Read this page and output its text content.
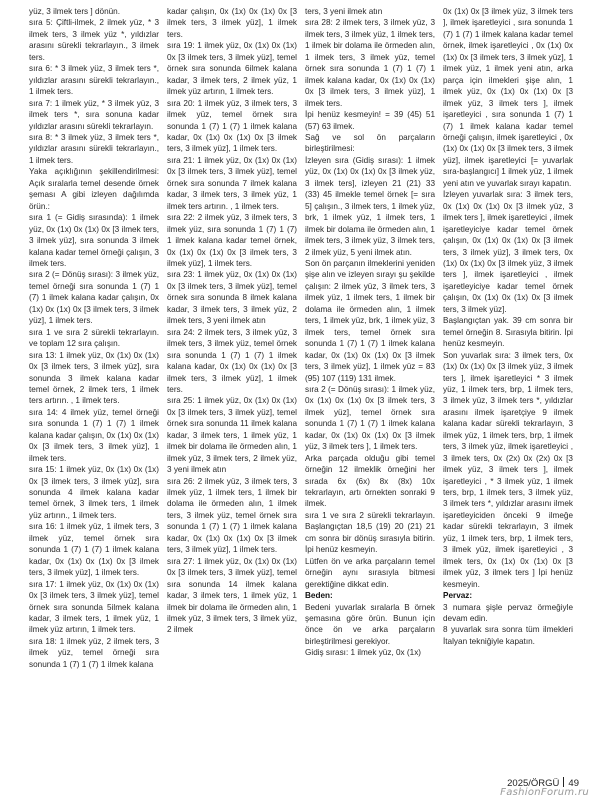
yüz, 3 ilmek ters ] dönün.

sıra 5: Çiftli-ilmek, 2 ilmek yüz, * 3 ilmek ters, 3 ilmek yüz *, yıldızlar arasını sürekli tekrarlayın., 3 ilmek ters.

sıra 6: * 3 ilmek yüz, 3 ilmek ters *, yıldızlar arasını sürekli tekrarlayın., 1 ilmek ters.

sıra 7: 1 ilmek yüz, * 3 ilmek yüz, 3 ilmek ters *, sıra sonuna kadar yıldızlar arasını sürekli tekrarlayın.

sıra 8: * 3 ilmek yüz, 3 ilmek ters *, yıldızlar arasını sürekli tekrarlayın., 1 ilmek ters.

Yaka açıklığının şekillendirilmesi: Açık sıralarla temel desende örnek şeması A gibi izleyen dağılımda örün.:

sıra 1 (= Gidiş sırasında): 1 ilmek yüz, 0x (1x) 0x (1x) 0x [3 ilmek ters, 3 ilmek yüz], sıra sonunda 3 ilmek kalana kadar temel örneği çalışın, 3 ilmek ters.

sıra 2 (= Dönüş sırası): 3 ilmek yüz, temel örneği sıra sonunda 1 (7) 1 (7) 1 ilmek kalana kadar çalışın, 0x (1x) 0x (1x) 0x [3 ilmek ters, 3 ilmek yüz], 1 ilmek ters.

sıra 1 ve sıra 2 sürekli tekrarlayın. ve toplam 12 sıra çalışın.

sıra 13: 1 ilmek yüz, 0x (1x) 0x (1x) 0x [3 ilmek ters, 3 ilmek yüz], sıra sonunda 3 ilmek kalana kadar temel örnek, 2 ilmek ters, 1 ilmek ters artırın. , 1 ilmek ters.

sıra 14: 4 ilmek yüz, temel örneği sıra sonunda 1 (7) 1 (7) 1 ilmek kalana kadar çalışın, 0x (1x) 0x (1x) 0x [3 ilmek ters, 3 ilmek yüz], 1 ilmek ters.

sıra 15: 1 ilmek yüz, 0x (1x) 0x (1x) 0x [3 ilmek ters, 3 ilmek yüz], sıra sonunda 4 ilmek kalana kadar temel örnek, 3 ilmek ters, 1 ilmek yüz artırın., 1 ilmek ters.

sıra 16: 1 ilmek yüz, 1 ilmek ters, 3 ilmek yüz, temel örnek sıra sonunda 1 (7) 1 (7) 1 ilmek kalana kadar, 0x (1x) 0x (1x) 0x [3 ilmek ters, 3 ilmek yüz], 1 ilmek ters.

sıra 17: 1 ilmek yüz, 0x (1x) 0x (1x) 0x [3 ilmek ters, 3 ilmek yüz], temel örnek sıra sonunda 5ilmek kalana kadar, 3 ilmek ters, 1 ilmek yüz, 1 ilmek yüz artırın, 1 ilmek ters.

sıra 18: 1 ilmek yüz, 2 ilmek ters, 3 ilmek yüz, temel örneği sıra sonunda 1 (7) 1 (7) 1 ilmek kalana

kadar çalışın, 0x (1x) 0x (1x) 0x [3 ilmek ters, 3 ilmek yüz], 1 ilmek ters.

sıra 19: 1 ilmek yüz, 0x (1x) 0x (1x) 0x [3 ilmek ters, 3 ilmek yüz], temel örnek sıra sonunda 6ilmek kalana kadar, 3 ilmek ters, 2 ilmek yüz, 1 ilmek yüz artırın, 1 ilmek ters.

sıra 20: 1 ilmek yüz, 3 ilmek ters, 3 ilmek yüz, temel örnek sıra sonunda 1 (7) 1 (7) 1 ilmek kalana kadar, 0x (1x) 0x (1x) 0x [3 ilmek ters, 3 ilmek yüz], 1 ilmek ters.

sıra 21: 1 ilmek yüz, 0x (1x) 0x (1x) 0x [3 ilmek ters, 3 ilmek yüz], temel örnek sıra sonunda 7 ilmek kalana kadar, 3 ilmek ters, 3 ilmek yüz, 1 ilmek ters artırın. , 1 ilmek ters.

sıra 22: 2 ilmek yüz, 3 ilmek ters, 3 ilmek yüz, sıra sonunda 1 (7) 1 (7) 1 ilmek kalana kadar temel örnek, 0x (1x) 0x (1x) 0x [3 ilmek ters, 3 ilmek yüz], 1 ilmek ters.

sıra 23: 1 ilmek yüz, 0x (1x) 0x (1x) 0x [3 ilmek ters, 3 ilmek yüz], temel örnek sıra sonunda 8 ilmek kalana kadar, 3 ilmek ters, 3 ilmek yüz, 2 ilmek ters, 3 yeni ilmek atın

sıra 24: 2 ilmek ters, 3 ilmek yüz, 3 ilmek ters, 3 ilmek yüz, temel örnek sıra sonunda 1 (7) 1 (7) 1 ilmek kalana kadar, 0x (1x) 0x (1x) 0x [3 ilmek ters, 3 ilmek yüz], 1 ilmek ters.

sıra 25: 1 ilmek yüz, 0x (1x) 0x (1x) 0x [3 ilmek ters, 3 ilmek yüz], temel örnek sıra sonunda 11 ilmek kalana kadar, 3 ilmek ters, 1 ilmek yüz, 1 ilmek bir dolama ile örmeden alın, 1 ilmek yüz, 3 ilmek ters, 2 ilmek yüz, 3 yeni ilmek atın

sıra 26: 2 ilmek yüz, 3 ilmek ters, 3 ilmek yüz, 1 ilmek ters, 1 ilmek bir dolama ile örmeden alın, 1 ilmek ters, 3 ilmek yüz, temel örnek sıra sonunda 1 (7) 1 (7) 1 ilmek kalana kadar, 0x (1x) 0x (1x) 0x [3 ilmek ters, 3 ilmek yüz], 1 ilmek ters.

sıra 27: 1 ilmek yüz, 0x (1x) 0x (1x) 0x [3 ilmek ters, 3 ilmek yüz], temel sıra sonunda 14 ilmek kalana kadar, 3 ilmek ters, 1 ilmek yüz, 1 ilmek bir dolama ile örmeden alın, 1 ilmek yüz, 3 ilmek ters, 3 ilmek yüz, 2 ilmek

ters, 3 yeni ilmek atın

sıra 28: 2 ilmek ters, 3 ilmek yüz, 3 ilmek ters, 3 ilmek yüz, 1 ilmek ters, 1 ilmek bir dolama ile örmeden alın, 1 ilmek ters, 3 ilmek yüz, temel örnek sıra sonunda 1 (7) 1 (7) 1 ilmek kalana kadar, 0x (1x) 0x (1x) 0x [3 ilmek ters, 3 ilmek yüz], 1 ilmek ters.

İpi henüz kesmeyin! = 39 (45) 51 (57) 63 ilmek.

Sağ ve sol ön parçaların birleştirilmesi:

İzleyen sıra (Gidiş sırası): 1 ilmek yüz, 0x (1x) 0x (1x) 0x [3 ilmek yüz, 3 ilmek ters], izleyen 21 (21) 33 (33) 45 ilmekle temel örnek [= sıra 5] çalışın., 3 ilmek ters, 1 ilmek yüz, brk, 1 ilmek yüz, 1 ilmek ters, 1 ilmek bir dolama ile örmeden alın, 1 ilmek ters, 3 ilmek yüz, 3 ilmek ters, 2 ilmek yüz, 5 yeni ilmek atın.

Son ön parçanın ilmeklerini yeniden şişe alın ve izleyen sırayı şu şekilde çalışın: 2 ilmek yüz, 3 ilmek ters, 3 ilmek yüz, 1 ilmek ters, 1 ilmek bir dolama ile örmeden alın, 1 ilmek ters, 1 ilmek yüz, brk, 1 ilmek yüz, 3 ilmek ters, temel örnek sıra sonunda 1 (7) 1 (7) 1 ilmek kalana kadar, 0x (1x) 0x (1x) 0x [3 ilmek ters, 3 ilmek yüz], 1 ilmek yüz = 83 (95) 107 (119) 131 ilmek.

sıra 2 (= Dönüş sırası): 1 ilmek yüz, 0x (1x) 0x (1x) 0x [3 ilmek ters, 3 ilmek yüz], temel örnek sıra sonunda 1 (7) 1 (7) 1 ilmek kalana kadar, 0x (1x) 0x (1x) 0x [3 ilmek yüz, 3 ilmek ters ], 1 ilmek ters.

Arka parçada olduğu gibi temel örneğin 12 ilmeklik örneğini her sırada 6x (6x) 8x (8x) 10x tekrarlayın, artı örnekten sonraki 9 ilmek.

sıra 1 ve sıra 2 sürekli tekrarlayın. Başlangıçtan 18,5 (19) 20 (21) 21 cm sonra bir dönüş sırasıyla bitirin. İpi henüz kesmeyin.

Lütfen ön ve arka parçaların temel örneğin aynı sırasıyla bitmesi gerektiğine dikkat edin.

Beden:

Bedeni yuvarlak sıralarla B örnek şemasına göre örün. Bunun için önce ön ve arka parçaların birleştirilmesi gerekiyor.

Gidiş sırası: 1 ilmek yüz, 0x (1x)

0x (1x) 0x [3 ilmek yüz, 3 ilmek ters ], ilmek işaretleyici , sıra sonunda 1 (7) 1 (7) 1 ilmek kalana kadar temel örnek, ilmek işaretleyici , 0x (1x) 0x (1x) 0x [3 ilmek ters, 3 ilmek yüz], 1 ilmek yüz, 1 ilmek yeni atın, arka parça için ilmekleri şişe alın, 1 ilmek yüz, 0x (1x) 0x (1x) 0x [3 ilmek yüz, 3 ilmek ters ], ilmek işaretleyici , sıra sonunda 1 (7) 1 (7) 1 ilmek kalana kadar temel örneği çalışın, ilmek işaretleyici , 0x (1x) 0x (1x) 0x [3 ilmek ters, 3 ilmek yüz], ilmek işaretleyici [= yuvarlak sıra-başlangıcı] 1 ilmek yüz, 1 ilmek yeni atın ve yuvarlak sırayı kapatın.

İzleyen yuvarlak sıra: 3 ilmek ters, 0x (1x) 0x (1x) 0x [3 ilmek yüz, 3 ilmek ters ], ilmek işaretleyici , ilmek işaretleyiciye kadar temel örnek çalışın, 0x (1x) 0x (1x) 0x [3 ilmek ters, 3 ilmek yüz], 3 ilmek ters, 0x (1x) 0x (1x) 0x [3 ilmek yüz, 3 ilmek ters ], ilmek işaretleyici , ilmek işaretleyiciye kadar temel örnek çalışın, 0x (1x) 0x (1x) 0x [3 ilmek ters, 3 ilmek yüz].

Başlangıçtan yak. 39 cm sonra bir temel örneğin 8. Sırasıyla bitirin. İpi henüz kesmeyin.

Son yuvarlak sıra: 3 ilmek ters, 0x (1x) 0x (1x) 0x [3 ilmek yüz, 3 ilmek ters ], ilmek işaretleyici * 3 ilmek yüz, 1 ilmek ters, brp, 1 ilmek ters, 3 ilmek yüz, 3 ilmek ters *, yıldızlar arasını ilmek işaretçiye 9 ilmek kalana kadar sürekli tekrarlayın, 3 ilmek yüz, 1 ilmek ters, brp, 1 ilmek ters, 3 ilmek yüz, ilmek işaretleyici , 3 ilmek ters, 0x (2x) 0x (2x) 0x [3 ilmek yüz, 3 ilmek ters ], ilmek işaretleyici , * 3 ilmek yüz, 1 ilmek ters, brp, 1 ilmek ters, 3 ilmek yüz, 3 ilmek ters *, yıldızlar arasını ilmek işaretleyiciden önceki 9 ilmeğe kadar sürekli tekrarlayın, 3 ilmek yüz, 1 ilmek ters, brp, 1 ilmek ters, 3 ilmek yüz, ilmek işaretleyici , 3 ilmek ters, 0x (1x) 0x (1x) 0x [3 ilmek yüz, 3 ilmek ters ] İpi henüz kesmeyin.

Pervaz:

3 numara şişle pervaz örmeğiyle devam edin.

8 yuvarlak sıra sonra tüm ilmekleri İtalyan tekniğiyle kapatın.

2025/ÖRGÜ 49
FashionForum.ru
